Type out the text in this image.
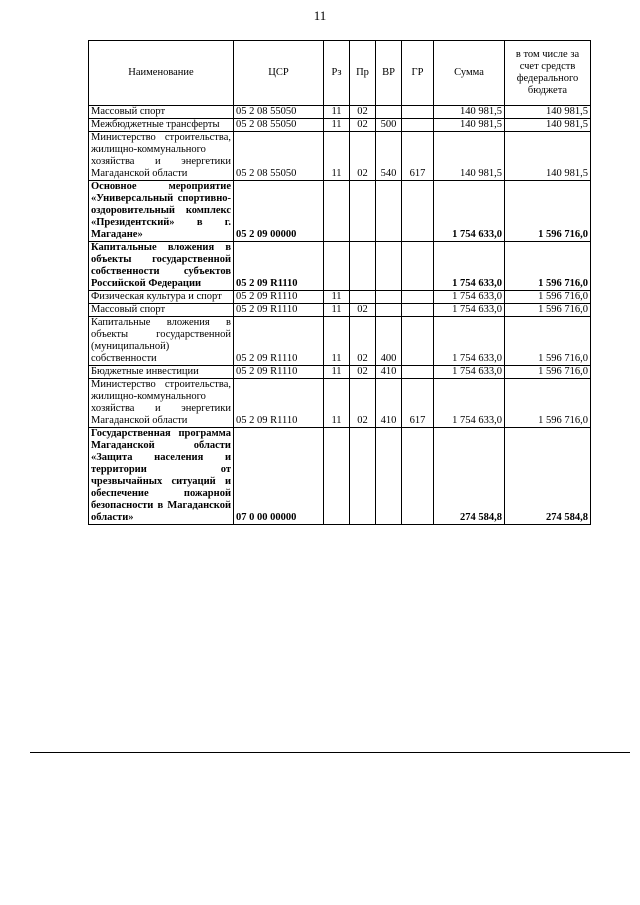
11
Наименование	ЦСР	Рз	Пр	ВР	ГР	Сумма	в том числе за счет средств федерального бюджета
Массовый спорт	05 2 08 55050	11	02			140 981,5	140 981,5
Межбюджетные трансферты	05 2 08 55050	11	02	500		140 981,5	140 981,5
Министерство строительства, жилищно-коммунального хозяйства и энергетики Магаданской области	05 2 08 55050	11	02	540	617	140 981,5	140 981,5
Основное мероприятие «Универсальный спортивно-оздоровительный комплекс «Президентский» в г. Магадане»	05 2 09 00000					1 754 633,0	1 596 716,0
Капитальные вложения в объекты государственной собственности субъектов Российской Федерации	05 2 09 R1110					1 754 633,0	1 596 716,0
Физическая культура и спорт	05 2 09 R1110	11				1 754 633,0	1 596 716,0
Массовый спорт	05 2 09 R1110	11	02			1 754 633,0	1 596 716,0
Капитальные вложения в объекты государственной (муниципальной) собственности	05 2 09 R1110	11	02	400		1 754 633,0	1 596 716,0
Бюджетные инвестиции	05 2 09 R1110	11	02	410		1 754 633,0	1 596 716,0
Министерство строительства, жилищно-коммунального хозяйства и энергетики Магаданской области	05 2 09 R1110	11	02	410	617	1 754 633,0	1 596 716,0
Государственная программа Магаданской области «Защита населения и территории от чрезвычайных ситуаций и обеспечение пожарной безопасности в Магаданской области»	07 0 00 00000					274 584,8	274 584,8
